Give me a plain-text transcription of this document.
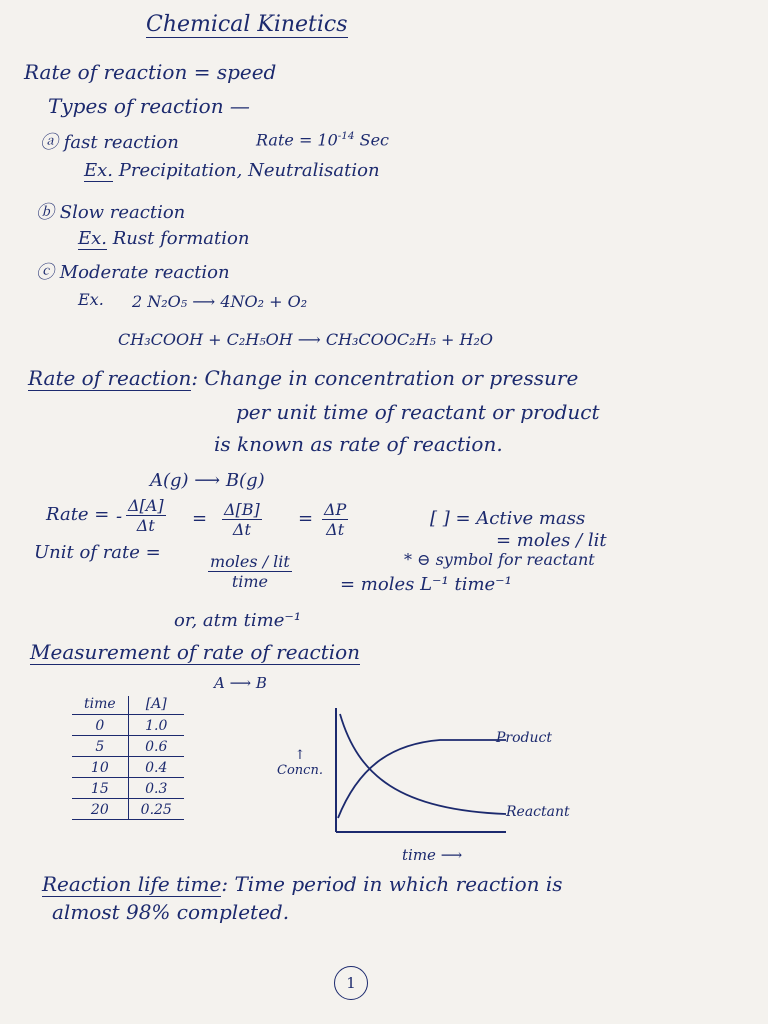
Chemical Kinetics
Rate of reaction = speed
Types of reaction —
ⓐ fast reaction	Rate = $10^{-14}$ Sec
Ex. Precipitation, Neutralisation
ⓑ Slow reaction
Ex. Rust formation
ⓒ Moderate reaction
Ex. 2 N₂O₅ ⟶ 4NO₂ + O₂
CH₃COOH + C₂H₅OH ⟶ CH₃COOC₂H₅ + H₂O
Rate of reaction: Change in concentration or pressure
per unit time of reactant or product
is known as rate of reaction.
A(g) ⟶ B(g)
Rate = - $\frac{\Delta[A]}{\Delta t} = \frac{\Delta[B]}{\Delta t} = \frac{\Delta P}{\Delta t}$	[ ] = Active mass
= moles / lit
* ⊖ symbol for reactant
Unit of rate =	moles / lit
time	= moles L⁻¹ time⁻¹
or, atm time⁻¹
Measurement of rate of reaction
A ⟶ B
time	[A]
0	1.0
5	0.6
10	0.4
15	0.3
20	0.25
Product
Reactant
↑ Concn.
time ⟶
Reaction life time: Time period in which reaction is
almost 98% completed.
1
